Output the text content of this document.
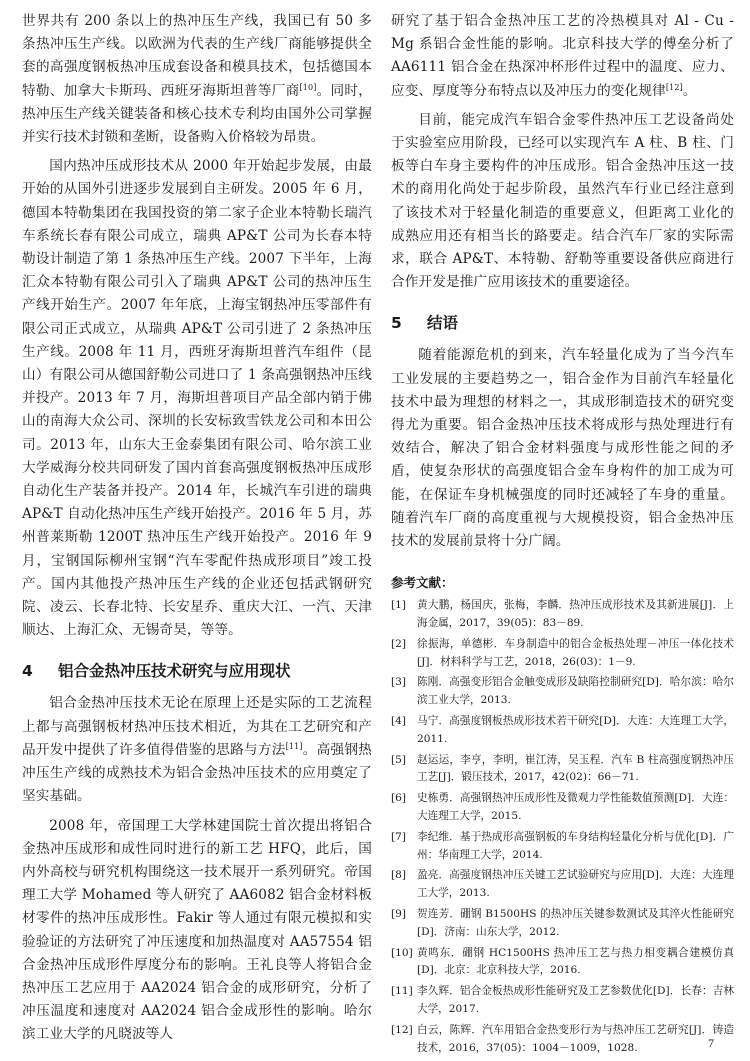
世界共有 200 条以上的热冲压生产线，我国已有 50 多条热冲压生产线。以欧洲为代表的生产线厂商能够提供全套的高强度钢板热冲压成套设备和模具技术，包括德国本特勒、加拿大卡斯玛、西班牙海斯坦普等厂商[10]。同时，热冲压生产线关键装备和核心技术专利均由国外公司掌握并实行技术封锁和垄断，设备购入价格较为昂贵。

国内热冲压成形技术从 2000 年开始起步发展，由最开始的从国外引进逐步发展到自主研发。2005 年 6 月，德国本特勒集团在我国投资的第二家子企业本特勒长瑞汽车系统长春有限公司成立，瑞典 AP&T 公司为长春本特勒设计制造了第 1 条热冲压生产线。2007 下半年，上海汇众本特勒有限公司引入了瑞典 AP&T 公司的热冲压生产线开始生产。2007 年年底，上海宝钢热冲压零部件有限公司正式成立，从瑞典 AP&T 公司引进了 2 条热冲压生产线。2008 年 11 月，西班牙海斯坦普汽车组件（昆山）有限公司从德国舒勒公司进口了 1 条高强钢热冲压线并投产。2013 年 7 月，海斯坦普项目产品全部内销于佛山的南海大众公司、深圳的长安标致雪铁龙公司和本田公司。2013 年，山东大王金泰集团有限公司、哈尔滨工业大学威海分校共同研发了国内首套高强度钢板热冲压成形自动化生产装备并投产。2014 年，长城汽车引进的瑞典 AP&T 自动化热冲压生产线开始投产。2016 年 5 月，苏州普莱斯勒 1200T 热冲压生产线开始投产。2016 年 9 月，宝钢国际柳州宝钢“汽车零配件热成形项目”竣工投产。国内其他投产热冲压生产线的企业还包括武钢研究院、凌云、长春北特、长安星乔、重庆大江、一汽、天津顺达、上海汇众、无锡奇昊，等等。

4	铝合金热冲压技术研究与应用现状

铝合金热冲压技术无论在原理上还是实际的工艺流程上都与高强钢板材热冲压技术相近，为其在工艺研究和产品开发中提供了许多值得借鉴的思路与方法[11]。高强钢热冲压生产线的成熟技术为铝合金热冲压技术的应用奠定了坚实基础。

2008 年，帝国理工大学林建国院士首次提出将铝合金热冲压成形和成性同时进行的新工艺 HFQ，此后，国内外高校与研究机构围绕这一技术展开一系列研究。帝国理工大学 Mohamed 等人研究了 AA6082 铝合金材料板材零件的热冲压成形性。Fakir 等人通过有限元模拟和实验验证的方法研究了冲压速度和加热温度对 AA57554 铝合金热冲压成形件厚度分布的影响。王礼良等人将铝合金热冲压工艺应用于 AA2024 铝合金的成形研究，分析了冲压温度和速度对 AA2024 铝合金成形性的影响。哈尔滨工业大学的凡晓波等人

研究了基于铝合金热冲压工艺的冷热模具对 Al - Cu - Mg 系铝合金性能的影响。北京科技大学的傅垒分析了 AA6111 铝合金在热深冲杯形件过程中的温度、应力、应变、厚度等分布特点以及冲压力的变化规律[12]。

目前，能完成汽车铝合金零件热冲压工艺设备尚处于实验室应用阶段，已经可以实现汽车 A 柱、B 柱、门板等白车身主要构件的冲压成形。铝合金热冲压这一技术的商用化尚处于起步阶段，虽然汽车行业已经注意到了该技术对于轻量化制造的重要意义，但距离工业化的成熟应用还有相当长的路要走。结合汽车厂家的实际需求，联合 AP&T、本特勒、舒勒等重要设备供应商进行合作开发是推广应用该技术的重要途径。

5	结语

随着能源危机的到来，汽车轻量化成为了当今汽车工业发展的主要趋势之一，铝合金作为目前汽车轻量化技术中最为理想的材料之一，其成形制造技术的研究变得尤为重要。铝合金热冲压技术将成形与热处理进行有效结合，解决了铝合金材料强度与成形性能之间的矛盾，使复杂形状的高强度铝合金车身构件的加工成为可能，在保证车身机械强度的同时还减轻了车身的重量。随着汽车厂商的高度重视与大规模投资，铝合金热冲压技术的发展前景将十分广阔。

参考文献：
[1]	黄大鹏，杨国庆，张梅，李麟．热冲压成形技术及其新进展[J]．上海金属，2017，39(05)：83－89.
[2]	徐振海，单德彬．车身制造中的铝合金板热处理－冲压一体化技术[J]．材料科学与工艺，2018，26(03)：1－9.
[3]	陈刚．高强变形铝合金触变成形及缺陷控制研究[D]．哈尔滨：哈尔滨工业大学，2013.
[4]	马宁．高强度钢板热成形技术若干研究[D]．大连：大连理工大学，2011.
[5]	赵运运，李亨，李明，崔江涛，吴玉程．汽车 B 柱高强度钢热冲压工艺[J]．锻压技术，2017，42(02)：66－71.
[6]	史栋勇．高强钢热冲压成形性及微观力学性能数值预测[D]．大连：大连理工大学，2015.
[7]	李纪维．基于热成形高强钢板的车身结构轻量化分析与优化[D]．广州：华南理工大学，2014.
[8]	盈亮．高强度钢热冲压关键工艺试验研究与应用[D]．大连：大连理工大学，2013.
[9]	贺连芳．硼钢 B1500HS 的热冲压关键参数测试及其淬火性能研究[D]．济南：山东大学，2012.
[10] 黄鸣东．硼钢 HC1500HS 热冲压工艺与热力相变耦合建模仿真[D]．北京：北京科技大学，2016.
[11] 李久辉．铝合金板热成形性能研究及工艺参数优化[D]．长春：吉林大学，2017.
[12] 白云，陈辉．汽车用铝合金热变形行为与热冲压工艺研究[J]．铸造技术，2016，37(05)：1004－1009，1028.	7
